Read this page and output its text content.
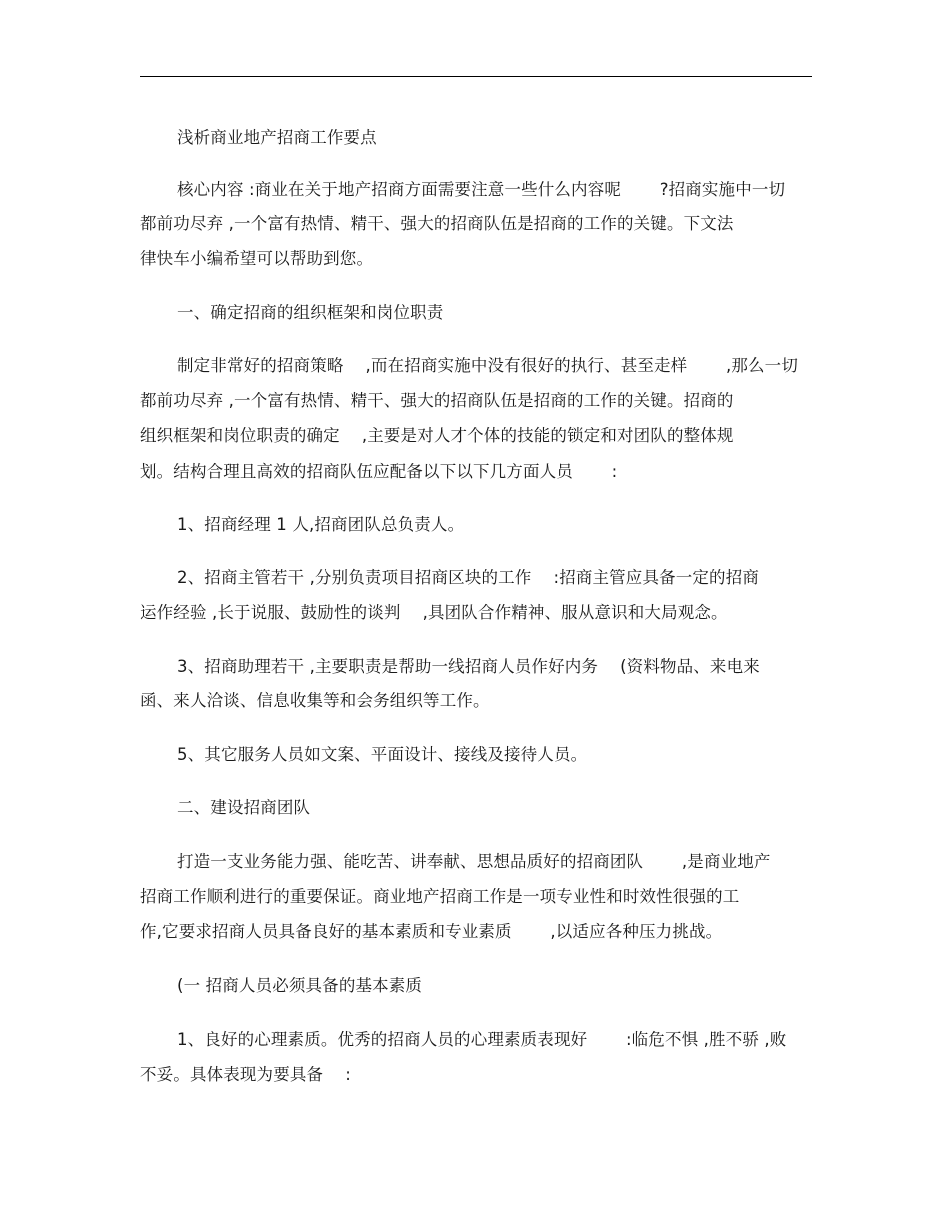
浅析商业地产招商工作要点
核心内容 :商业在关于地产招商方面需要注意一些什么内容呢 　　?招商实施中一切
都前功尽弃 ,一个富有热情、精干、强大的招商队伍是招商的工作的关键。下文法
律快车小编希望可以帮助到您。
一、确定招商的组织框架和岗位职责
制定非常好的招商策略 　,而在招商实施中没有很好的执行、甚至走样 　　,那么一切
都前功尽弃 ,一个富有热情、精干、强大的招商队伍是招商的工作的关键。招商的
组织框架和岗位职责的确定 　,主要是对人才个体的技能的锁定和对团队的整体规
划。结构合理且高效的招商队伍应配备以下以下几方面人员 　　:
1、招商经理 1 人,招商团队总负责人。
2、招商主管若干 ,分别负责项目招商区块的工作 　:招商主管应具备一定的招商
运作经验 ,长于说服、鼓励性的谈判 　,具团队合作精神、服从意识和大局观念。
3、招商助理若干 ,主要职责是帮助一线招商人员作好内务 　(资料物品、来电来
函、来人洽谈、信息收集等和会务组织等工作。
5、其它服务人员如文案、平面设计、接线及接待人员。
二、建设招商团队
打造一支业务能力强、能吃苦、讲奉献、思想品质好的招商团队 　　,是商业地产
招商工作顺利进行的重要保证。商业地产招商工作是一项专业性和时效性很强的工
作,它要求招商人员具备良好的基本素质和专业素质 　　,以适应各种压力挑战。
(一 招商人员必须具备的基本素质
1、良好的心理素质。优秀的招商人员的心理素质表现好 　　:临危不惧 ,胜不骄 ,败
不妥。具体表现为要具备 　:
